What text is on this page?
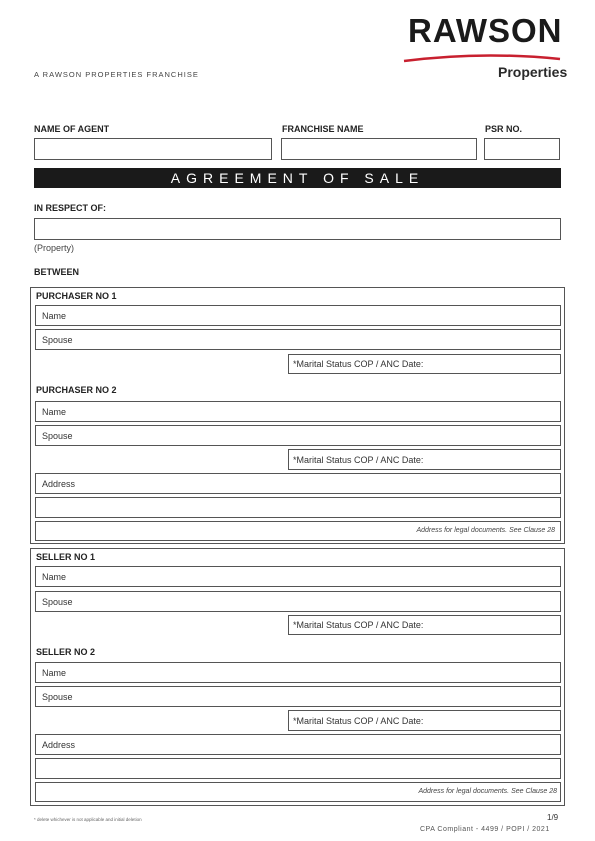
RAWSON
Properties
A RAWSON PROPERTIES FRANCHISE
NAME OF AGENT	FRANCHISE NAME	PSR NO.
AGREEMENT OF SALE
IN RESPECT OF:
(Property)
BETWEEN
PURCHASER NO 1
Name
Spouse
*Marital Status COP / ANC Date:
PURCHASER NO 2
Name
Spouse
*Marital Status COP / ANC Date:
Address
Address for legal documents. See Clause 28
SELLER NO 1
Name
Spouse
*Marital Status COP / ANC Date:
SELLER NO 2
Name
Spouse
*Marital Status COP / ANC Date:
Address
Address for legal documents. See Clause 28
* delete whichever is not applicable and initial deletion	1/9
CPA Compliant - 4499 / POPI / 2021
